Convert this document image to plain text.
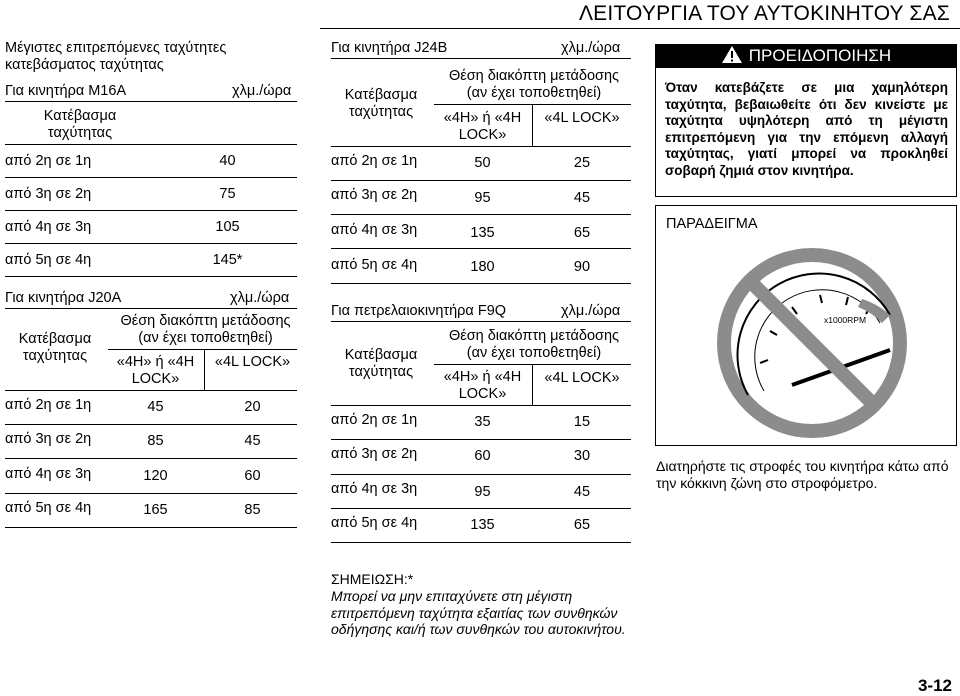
ΛΕΙΤΟΥΡΓΙΑ ΤΟΥ ΑΥΤΟΚΙΝΗΤΟΥ ΣΑΣ
Μέγιστες επιτρεπόμενες ταχύτητες
κατεβάσματος ταχύτητας
Για κινητήρα M16A	χλμ./ώρα
Κατέβασμα
ταχύτητας
από 2η σε 1η	40
από 3η σε 2η	75
από 4η σε 3η	105
από 5η σε 4η	145*
Για κινητήρα J20A	χλμ./ώρα
Θέση διακόπτη μετάδοσης
(αν έχει τοποθετηθεί)
Κατέβασμα
ταχύτητας	«4H» ή «4H
LOCK»
«4L LOCK»
από 2η σε 1η	45	20
από 3η σε 2η	85	45
από 4η σε 3η	120	60
από 5η σε 4η	165	85
Για κινητήρα J24B	χλμ./ώρα
Θέση διακόπτη μετάδοσης
(αν έχει τοποθετηθεί)
Κατέβασμα
ταχύτητας	«4H» ή «4H
LOCK»
«4L LOCK»
από 2η σε 1η	50	25
από 3η σε 2η	95	45
από 4η σε 3η	135	65
από 5η σε 4η	180	90
Για πετρελαιοκινητήρα F9Q	χλμ./ώρα
Θέση διακόπτη μετάδοσης
(αν έχει τοποθετηθεί)
Κατέβασμα
ταχύτητας	«4H» ή «4H
LOCK»
«4L LOCK»
από 2η σε 1η	35	15
από 3η σε 2η	60	30
από 4η σε 3η	95	45
από 5η σε 4η	135	65
ΠΡΟΕΙΔΟΠΟΙΗΣΗ
Όταν κατεβάζετε σε μια χαμηλότερη ταχύτητα, βεβαιωθείτε ότι δεν κινείστε με ταχύτητα υψηλότερη από τη μέγιστη επιτρεπόμενη για την επόμενη αλλαγή ταχύτητας, γιατί μπορεί να προκληθεί σοβαρή ζημιά στον κινητήρα.
ΠΑΡΑΔΕΙΓΜΑ
x1000RPM
Διατηρήστε τις στροφές του κινητήρα κάτω από την κόκκινη ζώνη στο στροφόμετρο.
ΣΗΜΕΙΩΣΗ:*
Μπορεί να μην επιταχύνετε στη μέγιστη επιτρεπόμενη ταχύτητα εξαιτίας των συνθηκών οδήγησης και/ή των συνθηκών του αυτοκινήτου.
3-12
